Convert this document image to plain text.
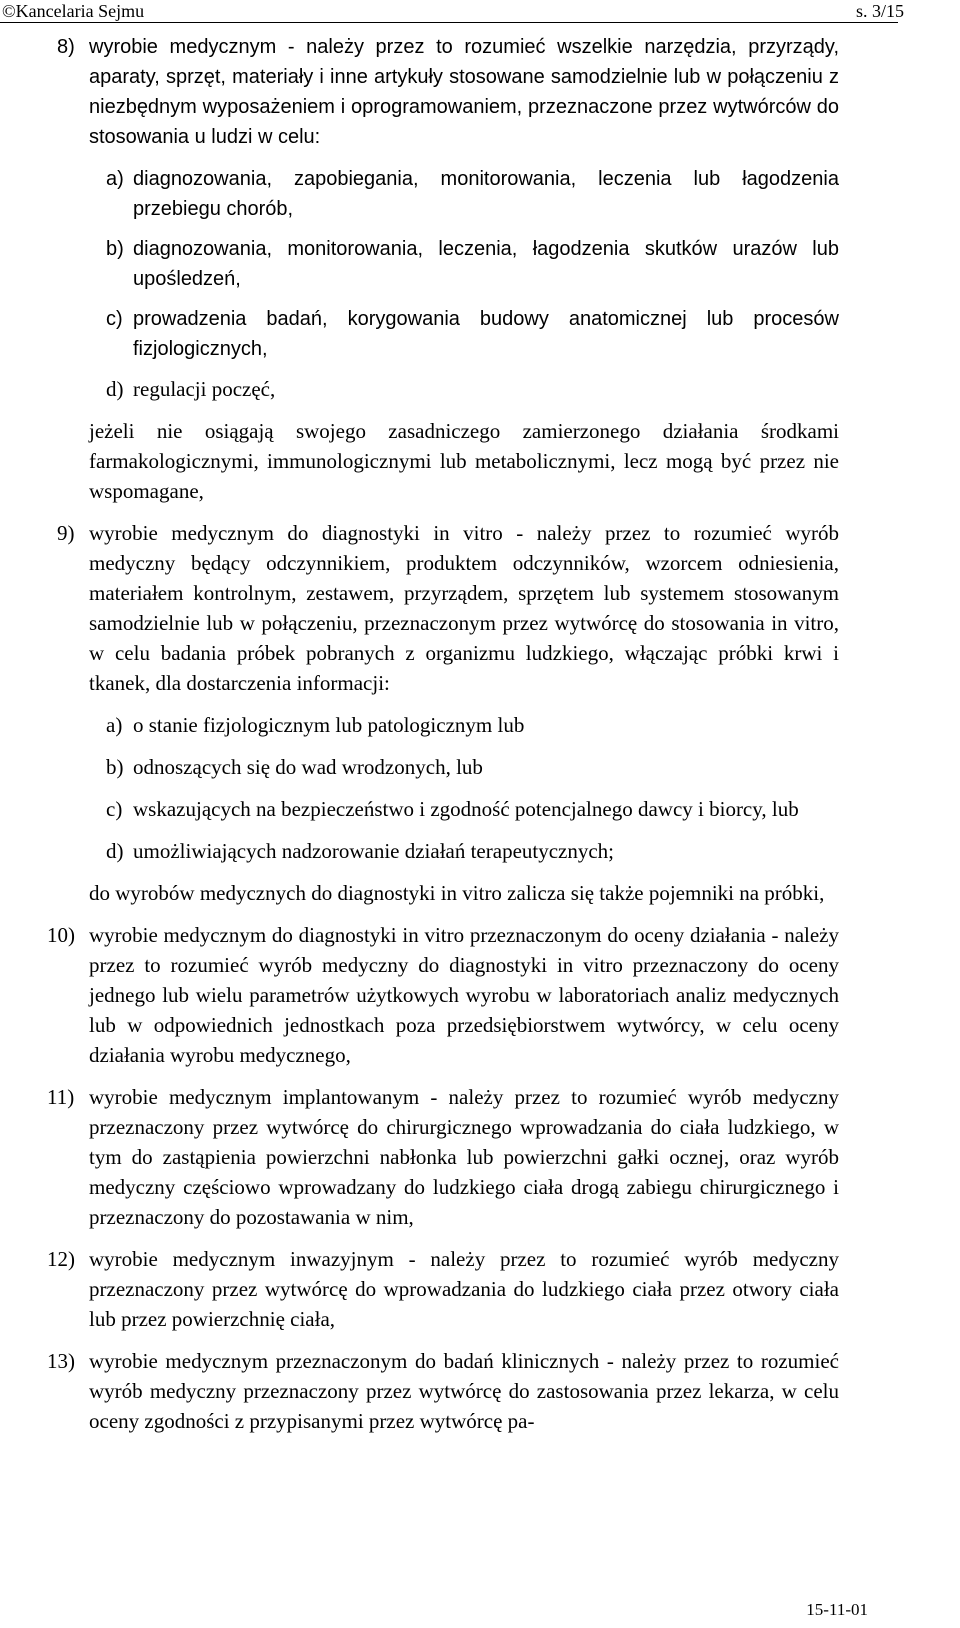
©Kancelaria Sejmu	s. 3/15
8) wyrobie medycznym - należy przez to rozumieć wszelkie narzędzia, przyrządy, aparaty, sprzęt, materiały i inne artykuły stosowane samodzielnie lub w połączeniu z niezbędnym wyposażeniem i oprogramowaniem, przeznaczone przez wytwórców do stosowania u ludzi w celu:
a) diagnozowania, zapobiegania, monitorowania, leczenia lub łagodzenia przebiegu chorób,
b) diagnozowania, monitorowania, leczenia, łagodzenia skutków urazów lub upośledzeń,
c) prowadzenia badań, korygowania budowy anatomicznej lub procesów fizjologicznych,
d) regulacji poczęć,
jeżeli nie osiągają swojego zasadniczego zamierzonego działania środkami farmakologicznymi, immunologicznymi lub metabolicznymi, lecz mogą być przez nie wspomagane,
9) wyrobie medycznym do diagnostyki in vitro - należy przez to rozumieć wyrób medyczny będący odczynnikiem, produktem odczynników, wzorcem odniesienia, materiałem kontrolnym, zestawem, przyrządem, sprzętem lub systemem stosowanym samodzielnie lub w połączeniu, przeznaczonym przez wytwórcę do stosowania in vitro, w celu badania próbek pobranych z organizmu ludzkiego, włączając próbki krwi i tkanek, dla dostarczenia informacji:
a) o stanie fizjologicznym lub patologicznym lub
b) odnoszących się do wad wrodzonych, lub
c) wskazujących na bezpieczeństwo i zgodność potencjalnego dawcy i biorcy, lub
d) umożliwiających nadzorowanie działań terapeutycznych;
do wyrobów medycznych do diagnostyki in vitro zalicza się także pojemniki na próbki,
10) wyrobie medycznym do diagnostyki in vitro przeznaczonym do oceny działania - należy przez to rozumieć wyrób medyczny do diagnostyki in vitro przeznaczony do oceny jednego lub wielu parametrów użytkowych wyrobu w laboratoriach analiz medycznych lub w odpowiednich jednostkach poza przedsiębiorstwem wytwórcy, w celu oceny działania wyrobu medycznego,
11) wyrobie medycznym implantowanym - należy przez to rozumieć wyrób medyczny przeznaczony przez wytwórcę do chirurgicznego wprowadzania do ciała ludzkiego, w tym do zastąpienia powierzchni nabłonka lub powierzchni gałki ocznej, oraz wyrób medyczny częściowo wprowadzany do ludzkiego ciała drogą zabiegu chirurgicznego i przeznaczony do pozostawania w nim,
12) wyrobie medycznym inwazyjnym - należy przez to rozumieć wyrób medyczny przeznaczony przez wytwórcę do wprowadzania do ludzkiego ciała przez otwory ciała lub przez powierzchnię ciała,
13) wyrobie medycznym przeznaczonym do badań klinicznych - należy przez to rozumieć wyrób medyczny przeznaczony przez wytwórcę do zastosowania przez lekarza, w celu oceny zgodności z przypisanymi przez wytwórcę pa-
15-11-01
